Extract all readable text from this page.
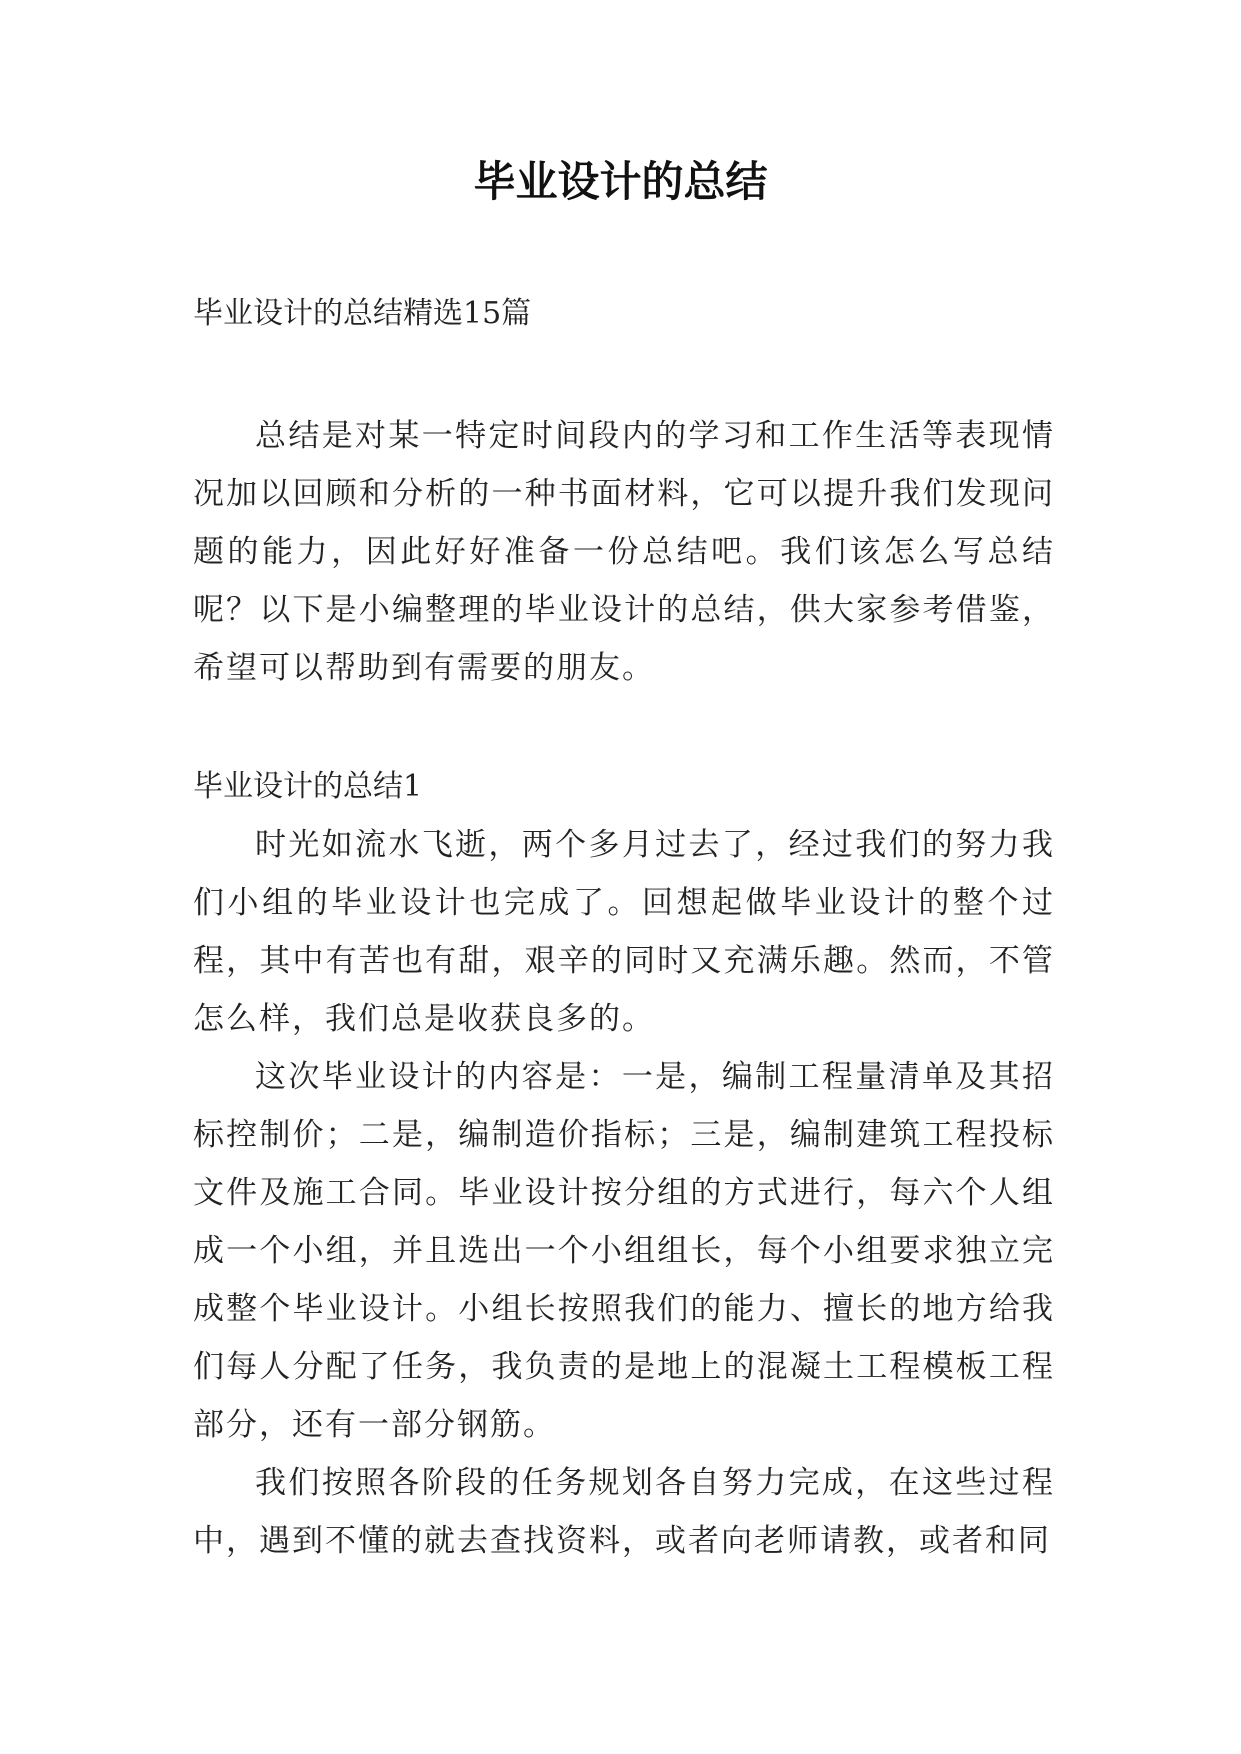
毕业设计的总结
毕业设计的总结精选15篇

总结是对某一特定时间段内的学习和工作生活等表现情况加以回顾和分析的一种书面材料，它可以提升我们发现问题的能力，因此好好准备一份总结吧。我们该怎么写总结呢？以下是小编整理的毕业设计的总结，供大家参考借鉴，希望可以帮助到有需要的朋友。

毕业设计的总结1

时光如流水飞逝，两个多月过去了，经过我们的努力我们小组的毕业设计也完成了。回想起做毕业设计的整个过程，其中有苦也有甜，艰辛的同时又充满乐趣。然而，不管怎么样，我们总是收获良多的。

这次毕业设计的内容是：一是，编制工程量清单及其招标控制价；二是，编制造价指标；三是，编制建筑工程投标文件及施工合同。毕业设计按分组的方式进行，每六个人组成一个小组，并且选出一个小组组长，每个小组要求独立完成整个毕业设计。小组长按照我们的能力、擅长的地方给我们每人分配了任务，我负责的是地上的混凝土工程模板工程部分，还有一部分钢筋。

我们按照各阶段的任务规划各自努力完成，在这些过程中，遇到不懂的就去查找资料，或者向老师请教，或者和同
